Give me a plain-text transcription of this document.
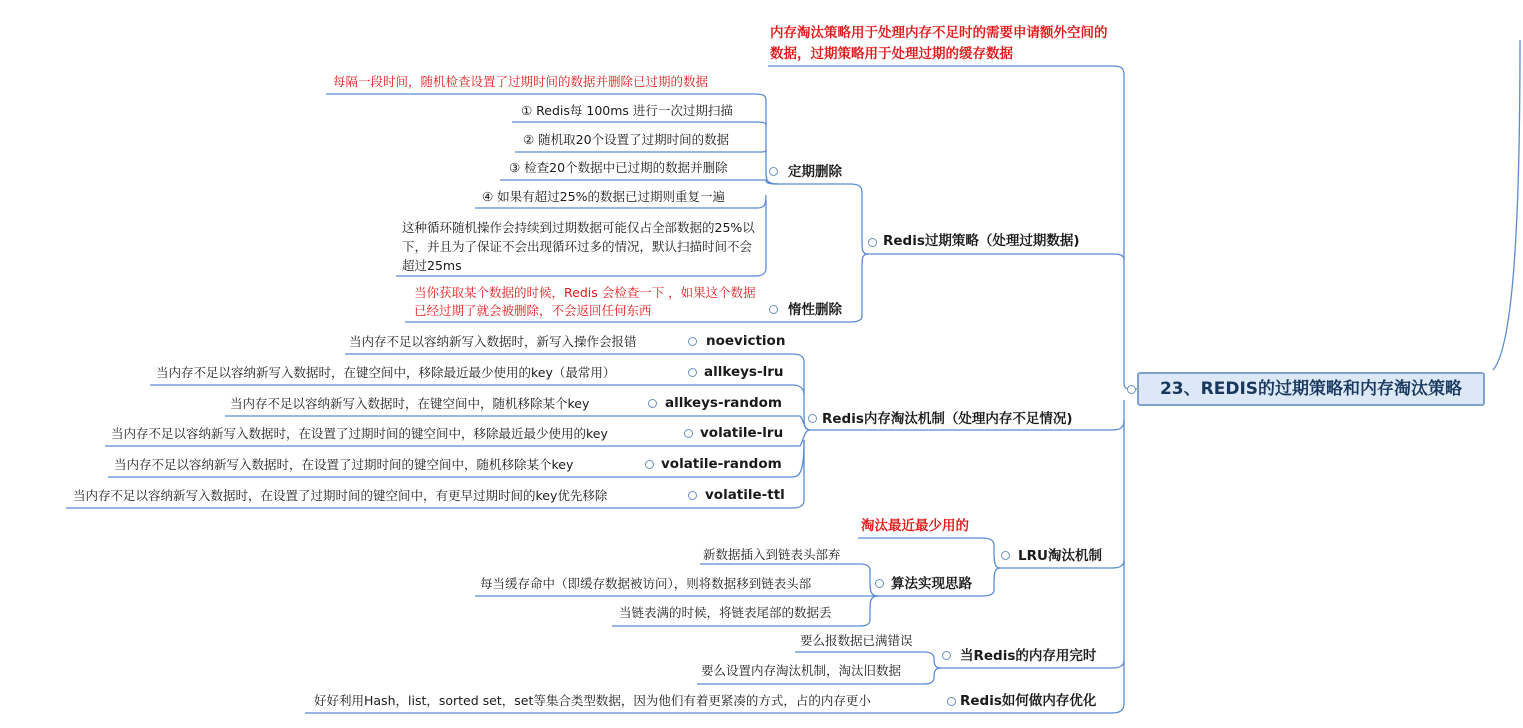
23、REDIS的过期策略和内存淘汰策略
内存淘汰策略用于处理内存不足时的需要申请额外空间的数据，过期策略用于处理过期的缓存数据
Redis过期策略（处理过期数据)
定期删除
每隔一段时间，随机检查设置了过期时间的数据并删除已过期的数据
① Redis每 100ms 进行一次过期扫描
② 随机取20个设置了过期时间的数据
③ 检查20个数据中已过期的数据并删除
④ 如果有超过25%的数据已过期则重复一遍
这种循环随机操作会持续到过期数据可能仅占全部数据的25%以下，并且为了保证不会出现循环过多的情况，默认扫描时间不会超过25ms
惰性删除
当你获取某个数据的时候，Redis 会检查一下 ，如果这个数据已经过期了就会被删除，不会返回任何东西
Redis内存淘汰机制（处理内存不足情况)
noeviction
当内存不足以容纳新写入数据时，新写入操作会报错
allkeys-lru
当内存不足以容纳新写入数据时，在键空间中，移除最近最少使用的key（最常用）
allkeys-random
当内存不足以容纳新写入数据时，在键空间中，随机移除某个key
volatile-lru
当内存不足以容纳新写入数据时，在设置了过期时间的键空间中，移除最近最少使用的key
volatile-random
当内存不足以容纳新写入数据时，在设置了过期时间的键空间中，随机移除某个key
volatile-ttl
当内存不足以容纳新写入数据时，在设置了过期时间的键空间中，有更早过期时间的key优先移除
LRU淘汰机制
淘汰最近最少用的
算法实现思路
新数据插入到链表头部弃
每当缓存命中（即缓存数据被访问），则将数据移到链表头部
当链表满的时候，将链表尾部的数据丢
当Redis的内存用完时
要么报数据已满错误
要么设置内存淘汰机制，淘汰旧数据
Redis如何做内存优化
好好利用Hash，list，sorted set，set等集合类型数据，因为他们有着更紧凑的方式，占的内存更小
